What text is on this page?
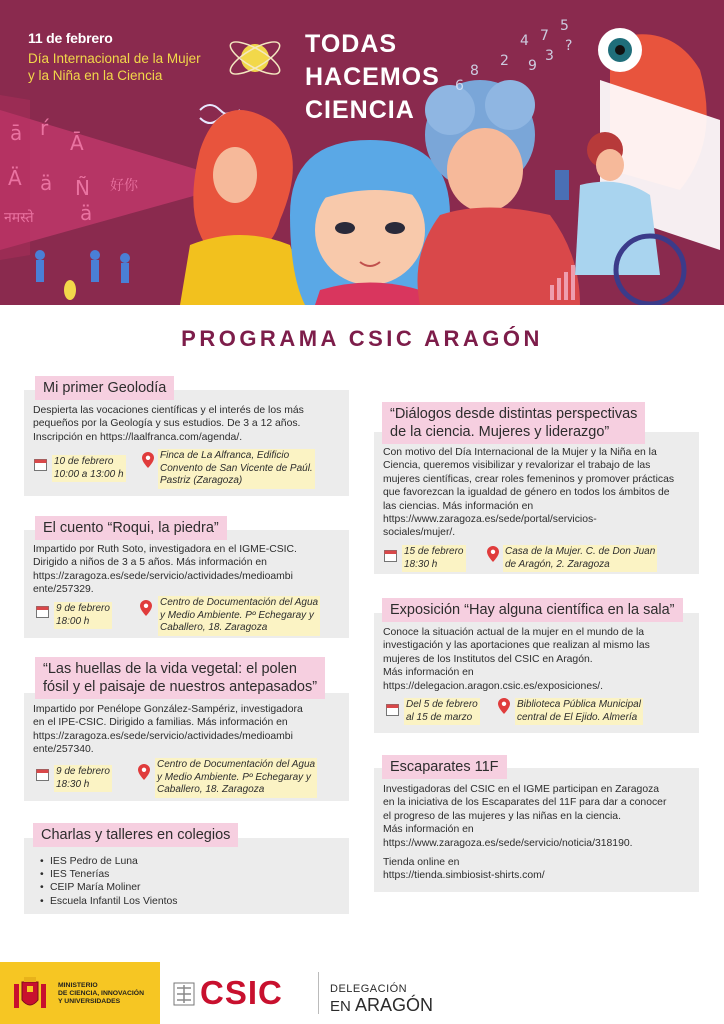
ā ŕ
Ā
Ä ä Ñ 好你
नमस्ते ä
4 7
5
2 9
3
?
8
6
11 de febrero
Día Internacional de la Mujer
y la Niña en la Ciencia
TODAS
HACEMOS
CIENCIA
PROGRAMA CSIC ARAGÓN
Mi primer Geolodía
Despierta las vocaciones científicas y el interés de los más
pequeños por la Geología y sus estudios. De 3 a 12 años.
Inscripción en https://laalfranca.com/agenda/.
10 de febrero
10:00 a 13:00 h
Finca de La Alfranca, Edificio
Convento de San Vicente de Paúl.
Pastriz (Zaragoza)
El cuento “Roqui, la piedra”
Impartido por Ruth Soto, investigadora en el IGME-CSIC.
Dirigido a niños de 3 a 5 años. Más información en
https://zaragoza.es/sede/servicio/actividades/medioambi
ente/257329.
9 de febrero
18:00 h
Centro de Documentación del Agua
y Medio Ambiente. Pº Echegaray y
Caballero, 18. Zaragoza
“Las huellas de la vida vegetal: el polen
fósil y el paisaje de nuestros antepasados”
Impartido por Penélope González-Sampériz, investigadora
en el IPE-CSIC. Dirigido a familias. Más información en
https://zaragoza.es/sede/servicio/actividades/medioambi
ente/257340.
9 de febrero
18:30 h
Centro de Documentación del Agua
y Medio Ambiente. Pº Echegaray y
Caballero, 18. Zaragoza
Charlas y talleres en colegios
• IES Pedro de Luna
• IES Tenerías
• CEIP María Moliner
• Escuela Infantil Los Vientos
“Diálogos desde distintas perspectivas
de la ciencia. Mujeres y liderazgo”
Con motivo del Día Internacional de la Mujer y la Niña en la
Ciencia, queremos visibilizar y revalorizar el trabajo de las
mujeres científicas, crear roles femeninos y promover prácticas
que favorezcan la igualdad de género en todos los ámbitos de
las ciencias. Más información en
https://www.zaragoza.es/sede/portal/servicios-
sociales/mujer/.
15 de febrero
18:30 h
Casa de la Mujer. C. de Don Juan
de Aragón, 2. Zaragoza
Exposición “Hay alguna científica en la sala”
Conoce la situación actual de la mujer en el mundo de la
investigación y las aportaciones que realizan al mismo las
mujeres de los Institutos del CSIC en Aragón.
Más información en
https://delegacion.aragon.csic.es/exposiciones/.
Del 5 de febrero
al 15 de marzo
Biblioteca Pública Municipal
central de El Ejido. Almería
Escaparates 11F
Investigadoras del CSIC en el IGME participan en Zaragoza
en la iniciativa de los Escaparates del 11F para dar a conocer
el progreso de las mujeres y las niñas en la ciencia.
Más información en
https://www.zaragoza.es/sede/servicio/noticia/318190.
Tienda online en
https://tienda.simbiosist-shirts.com/
MINISTERIO
DE CIENCIA, INNOVACIÓN
Y UNIVERSIDADES	CSIC	DELEGACIÓN
EN ARAGÓN
